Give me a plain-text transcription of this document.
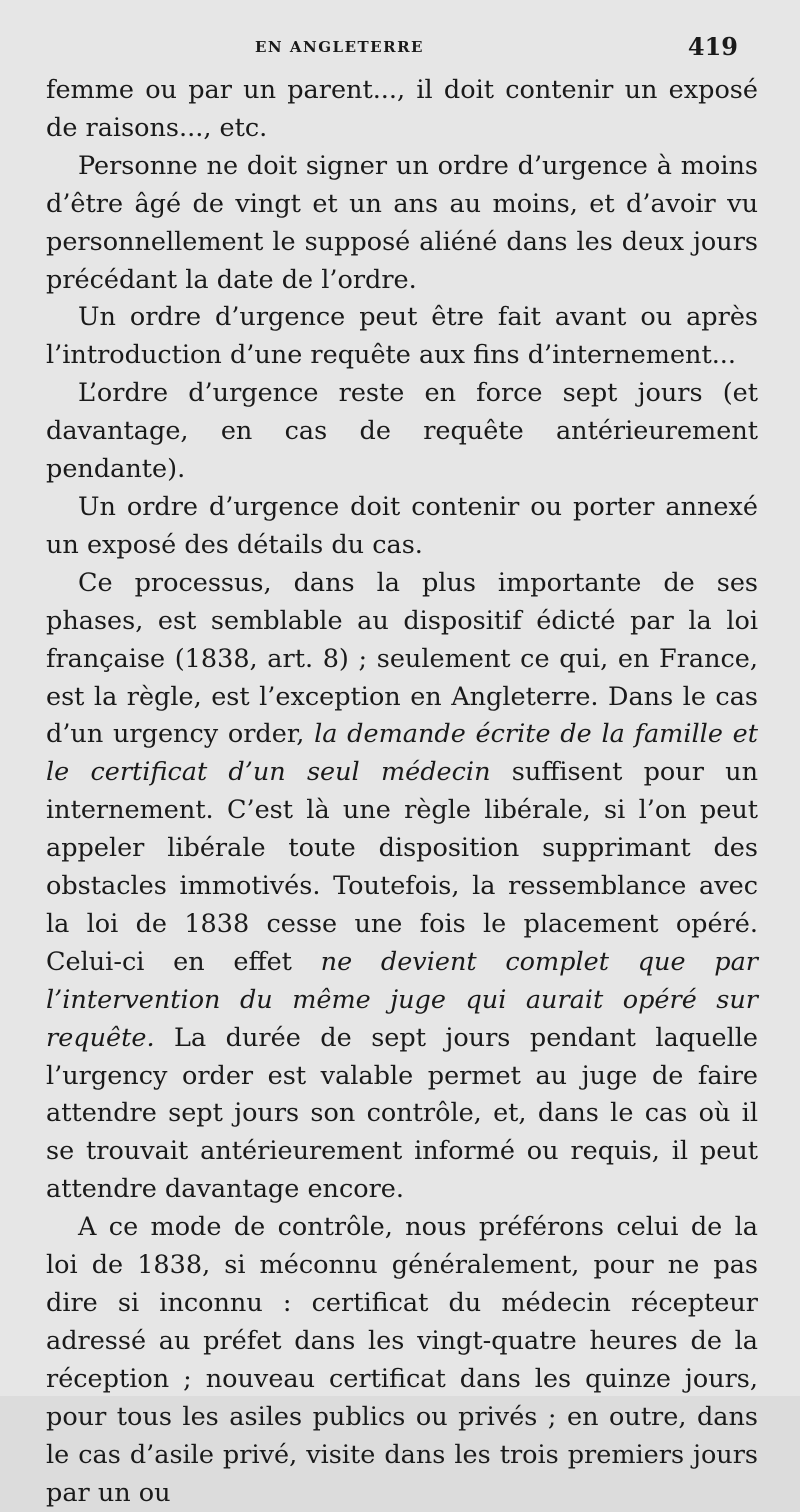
EN ANGLETERRE	419

femme ou par un parent..., il doit contenir un exposé de raisons..., etc.

Personne ne doit signer un ordre d’urgence à moins d’être âgé de vingt et un ans au moins, et d’avoir vu personnellement le supposé aliéné dans les deux jours précédant la date de l’ordre.

Un ordre d’urgence peut être fait avant ou après l’introduction d’une requête aux fins d’internement...

L’ordre d’urgence reste en force sept jours (et davantage, en cas de requête antérieurement pendante).

Un ordre d’urgence doit contenir ou porter annexé un exposé des détails du cas.

Ce processus, dans la plus importante de ses phases, est semblable au dispositif édicté par la loi française (1838, art. 8) ; seulement ce qui, en France, est la règle, est l’exception en Angleterre. Dans le cas d’un urgency order, la demande écrite de la famille et le certificat d’un seul médecin suffisent pour un internement. C’est là une règle libérale, si l’on peut appeler libérale toute disposition supprimant des obstacles immotivés. Toutefois, la ressemblance avec la loi de 1838 cesse une fois le placement opéré. Celui-ci en effet ne devient complet que par l’intervention du même juge qui aurait opéré sur requête. La durée de sept jours pendant laquelle l’urgency order est valable permet au juge de faire attendre sept jours son contrôle, et, dans le cas où il se trouvait antérieurement informé ou requis, il peut attendre davantage encore.

A ce mode de contrôle, nous préférons celui de la loi de 1838, si méconnu généralement, pour ne pas dire si inconnu : certificat du médecin récepteur adressé au préfet dans les vingt-quatre heures de la réception ; nouveau certificat dans les quinze jours, pour tous les asiles publics ou privés ; en outre, dans le cas d’asile privé, visite dans les trois premiers jours par un ou
